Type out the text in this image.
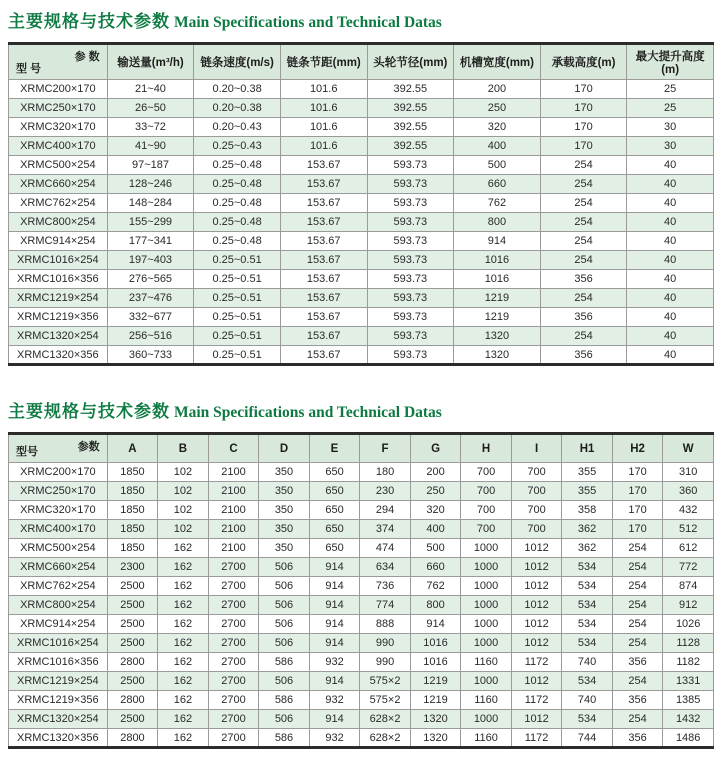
主要规格与技术参数 Main Specifications and Technical Datas
参 数
型 号	输送量(m³/h)	链条速度(m/s)	链条节距(mm)	头轮节径(mm)	机槽宽度(mm)	承载高度(m)	最大提升高度(m)
XRMC200×170	21~40	0.20~0.38	101.6	392.55	200	170	25
XRMC250×170	26~50	0.20~0.38	101.6	392.55	250	170	25
XRMC320×170	33~72	0.20~0.43	101.6	392.55	320	170	30
XRMC400×170	41~90	0.25~0.43	101.6	392.55	400	170	30
XRMC500×254	97~187	0.25~0.48	153.67	593.73	500	254	40
XRMC660×254	128~246	0.25~0.48	153.67	593.73	660	254	40
XRMC762×254	148~284	0.25~0.48	153.67	593.73	762	254	40
XRMC800×254	155~299	0.25~0.48	153.67	593.73	800	254	40
XRMC914×254	177~341	0.25~0.48	153.67	593.73	914	254	40
XRMC1016×254	197~403	0.25~0.51	153.67	593.73	1016	254	40
XRMC1016×356	276~565	0.25~0.51	153.67	593.73	1016	356	40
XRMC1219×254	237~476	0.25~0.51	153.67	593.73	1219	254	40
XRMC1219×356	332~677	0.25~0.51	153.67	593.73	1219	356	40
XRMC1320×254	256~516	0.25~0.51	153.67	593.73	1320	254	40
XRMC1320×356	360~733	0.25~0.51	153.67	593.73	1320	356	40
主要规格与技术参数 Main Specifications and Technical Datas
参数
型号	A	B	C	D	E	F	G	H	I	H1	H2	W
XRMC200×170	1850	102	2100	350	650	180	200	700	700	355	170	310
XRMC250×170	1850	102	2100	350	650	230	250	700	700	355	170	360
XRMC320×170	1850	102	2100	350	650	294	320	700	700	358	170	432
XRMC400×170	1850	102	2100	350	650	374	400	700	700	362	170	512
XRMC500×254	1850	162	2100	350	650	474	500	1000	1012	362	254	612
XRMC660×254	2300	162	2700	506	914	634	660	1000	1012	534	254	772
XRMC762×254	2500	162	2700	506	914	736	762	1000	1012	534	254	874
XRMC800×254	2500	162	2700	506	914	774	800	1000	1012	534	254	912
XRMC914×254	2500	162	2700	506	914	888	914	1000	1012	534	254	1026
XRMC1016×254	2500	162	2700	506	914	990	1016	1000	1012	534	254	1128
XRMC1016×356	2800	162	2700	586	932	990	1016	1160	1172	740	356	1182
XRMC1219×254	2500	162	2700	506	914	575×2	1219	1000	1012	534	254	1331
XRMC1219×356	2800	162	2700	586	932	575×2	1219	1160	1172	740	356	1385
XRMC1320×254	2500	162	2700	506	914	628×2	1320	1000	1012	534	254	1432
XRMC1320×356	2800	162	2700	586	932	628×2	1320	1160	1172	744	356	1486
